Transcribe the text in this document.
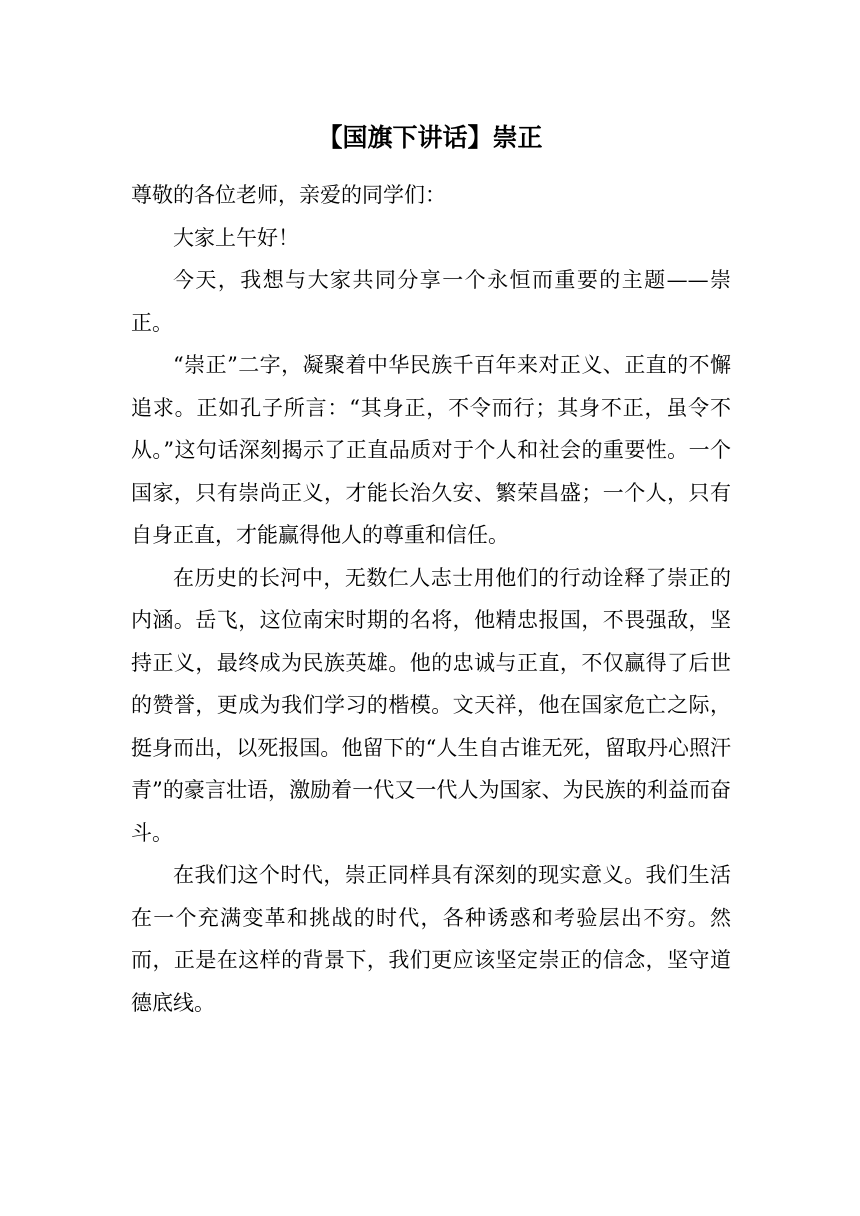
【国旗下讲话】崇正

尊敬的各位老师，亲爱的同学们：

大家上午好！

今天，我想与大家共同分享一个永恒而重要的主题——崇正。

“崇正”二字，凝聚着中华民族千百年来对正义、正直的不懈追求。正如孔子所言：“其身正，不令而行；其身不正，虽令不从。”这句话深刻揭示了正直品质对于个人和社会的重要性。一个国家，只有崇尚正义，才能长治久安、繁荣昌盛；一个人，只有自身正直，才能赢得他人的尊重和信任。

在历史的长河中，无数仁人志士用他们的行动诠释了崇正的内涵。岳飞，这位南宋时期的名将，他精忠报国，不畏强敌，坚持正义，最终成为民族英雄。他的忠诚与正直，不仅赢得了后世的赞誉，更成为我们学习的楷模。文天祥，他在国家危亡之际，挺身而出，以死报国。他留下的“人生自古谁无死，留取丹心照汗青”的豪言壮语，激励着一代又一代人为国家、为民族的利益而奋斗。

在我们这个时代，崇正同样具有深刻的现实意义。我们生活在一个充满变革和挑战的时代，各种诱惑和考验层出不穷。然而，正是在这样的背景下，我们更应该坚定崇正的信念，坚守道德底线。
